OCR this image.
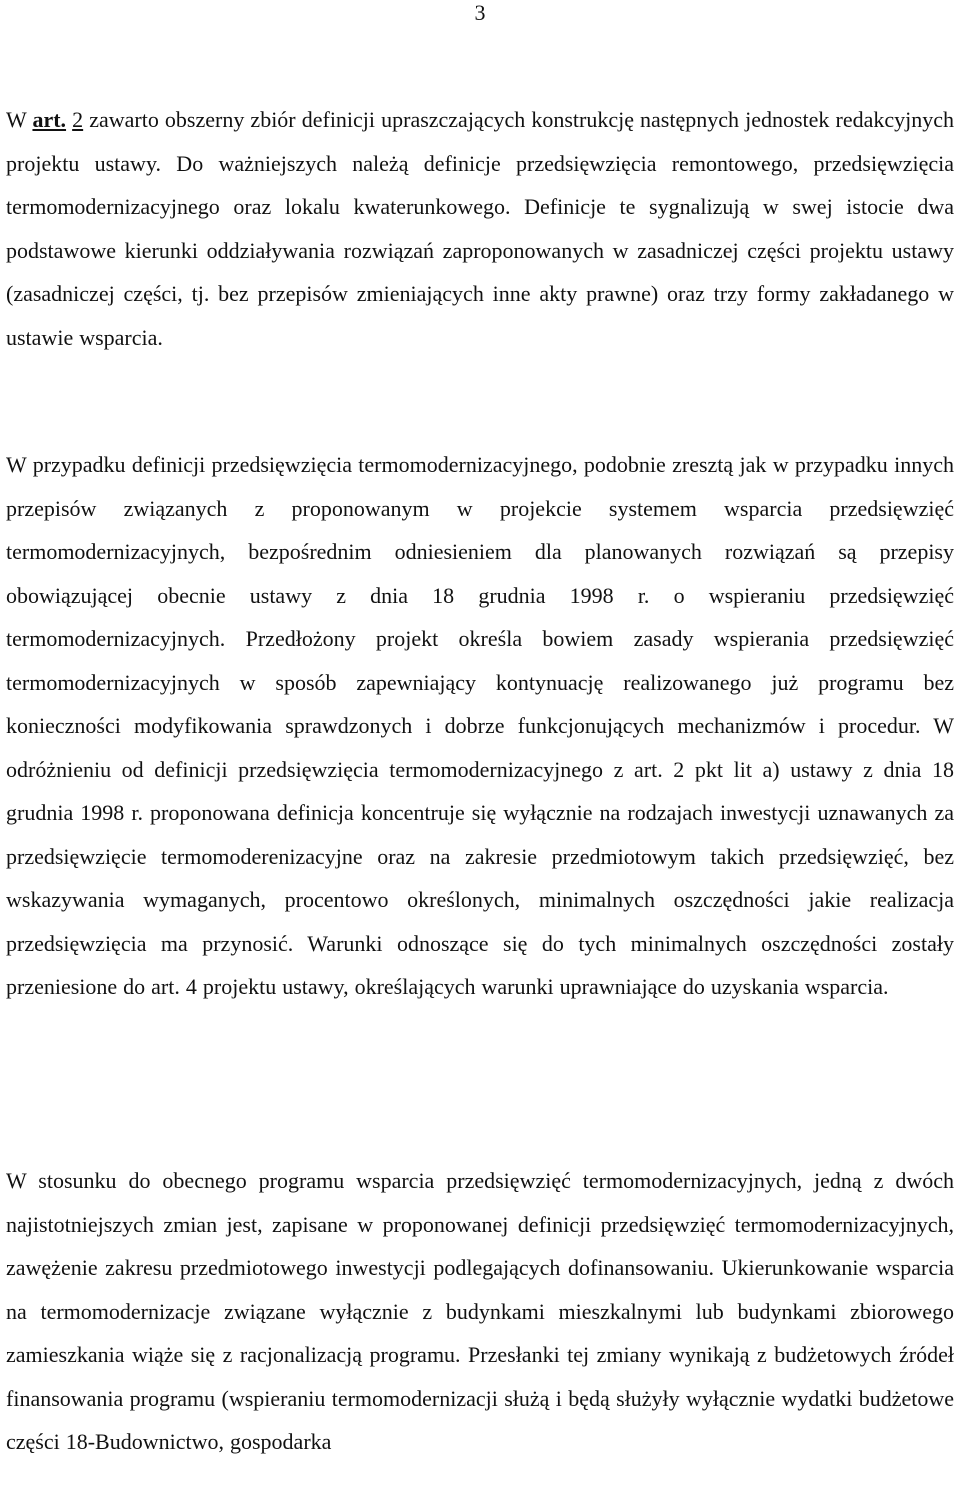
3

W art. 2 zawarto obszerny zbiór definicji upraszczających konstrukcję następnych jednostek redakcyjnych projektu ustawy. Do ważniejszych należą definicje przedsięwzięcia remontowego, przedsięwzięcia termomodernizacyjnego oraz lokalu kwaterunkowego. Definicje te sygnalizują w swej istocie dwa podstawowe kierunki oddziaływania rozwiązań zaproponowanych w zasadniczej części projektu ustawy (zasadniczej części, tj. bez przepisów zmieniających inne akty prawne) oraz trzy formy zakładanego w ustawie wsparcia.

W przypadku definicji przedsięwzięcia termomodernizacyjnego, podobnie zresztą jak w przypadku innych przepisów związanych z proponowanym w projekcie systemem wsparcia przedsięwzięć termomodernizacyjnych, bezpośrednim odniesieniem dla planowanych rozwiązań są przepisy obowiązującej obecnie ustawy z dnia 18 grudnia 1998 r. o wspieraniu przedsięwzięć termomodernizacyjnych. Przedłożony projekt określa bowiem zasady wspierania przedsięwzięć termomodernizacyjnych w sposób zapewniający kontynuację realizowanego już programu bez konieczności modyfikowania sprawdzonych i dobrze funkcjonujących mechanizmów i procedur. W odróżnieniu od definicji przedsięwzięcia termomodernizacyjnego z art. 2 pkt lit a) ustawy z dnia 18 grudnia 1998 r. proponowana definicja koncentruje się wyłącznie na rodzajach inwestycji uznawanych za przedsięwzięcie termomoderenizacyjne oraz na zakresie przedmiotowym takich przedsięwzięć, bez wskazywania wymaganych, procentowo określonych, minimalnych oszczędności jakie realizacja przedsięwzięcia ma przynosić. Warunki odnoszące się do tych minimalnych oszczędności zostały przeniesione do art. 4 projektu ustawy, określających warunki uprawniające do uzyskania wsparcia.

W stosunku do obecnego programu wsparcia przedsięwzięć termomodernizacyjnych, jedną z dwóch najistotniejszych zmian jest, zapisane w proponowanej definicji przedsięwzięć termomodernizacyjnych, zawężenie zakresu przedmiotowego inwestycji podlegających dofinansowaniu. Ukierunkowanie wsparcia na termomodernizacje związane wyłącznie z budynkami mieszkalnymi lub budynkami zbiorowego zamieszkania wiąże się z racjonalizacją programu. Przesłanki tej zmiany wynikają z budżetowych źródeł finansowania programu (wspieraniu termomodernizacji służą i będą służyły wyłącznie wydatki budżetowe części 18-Budownictwo, gospodarka
